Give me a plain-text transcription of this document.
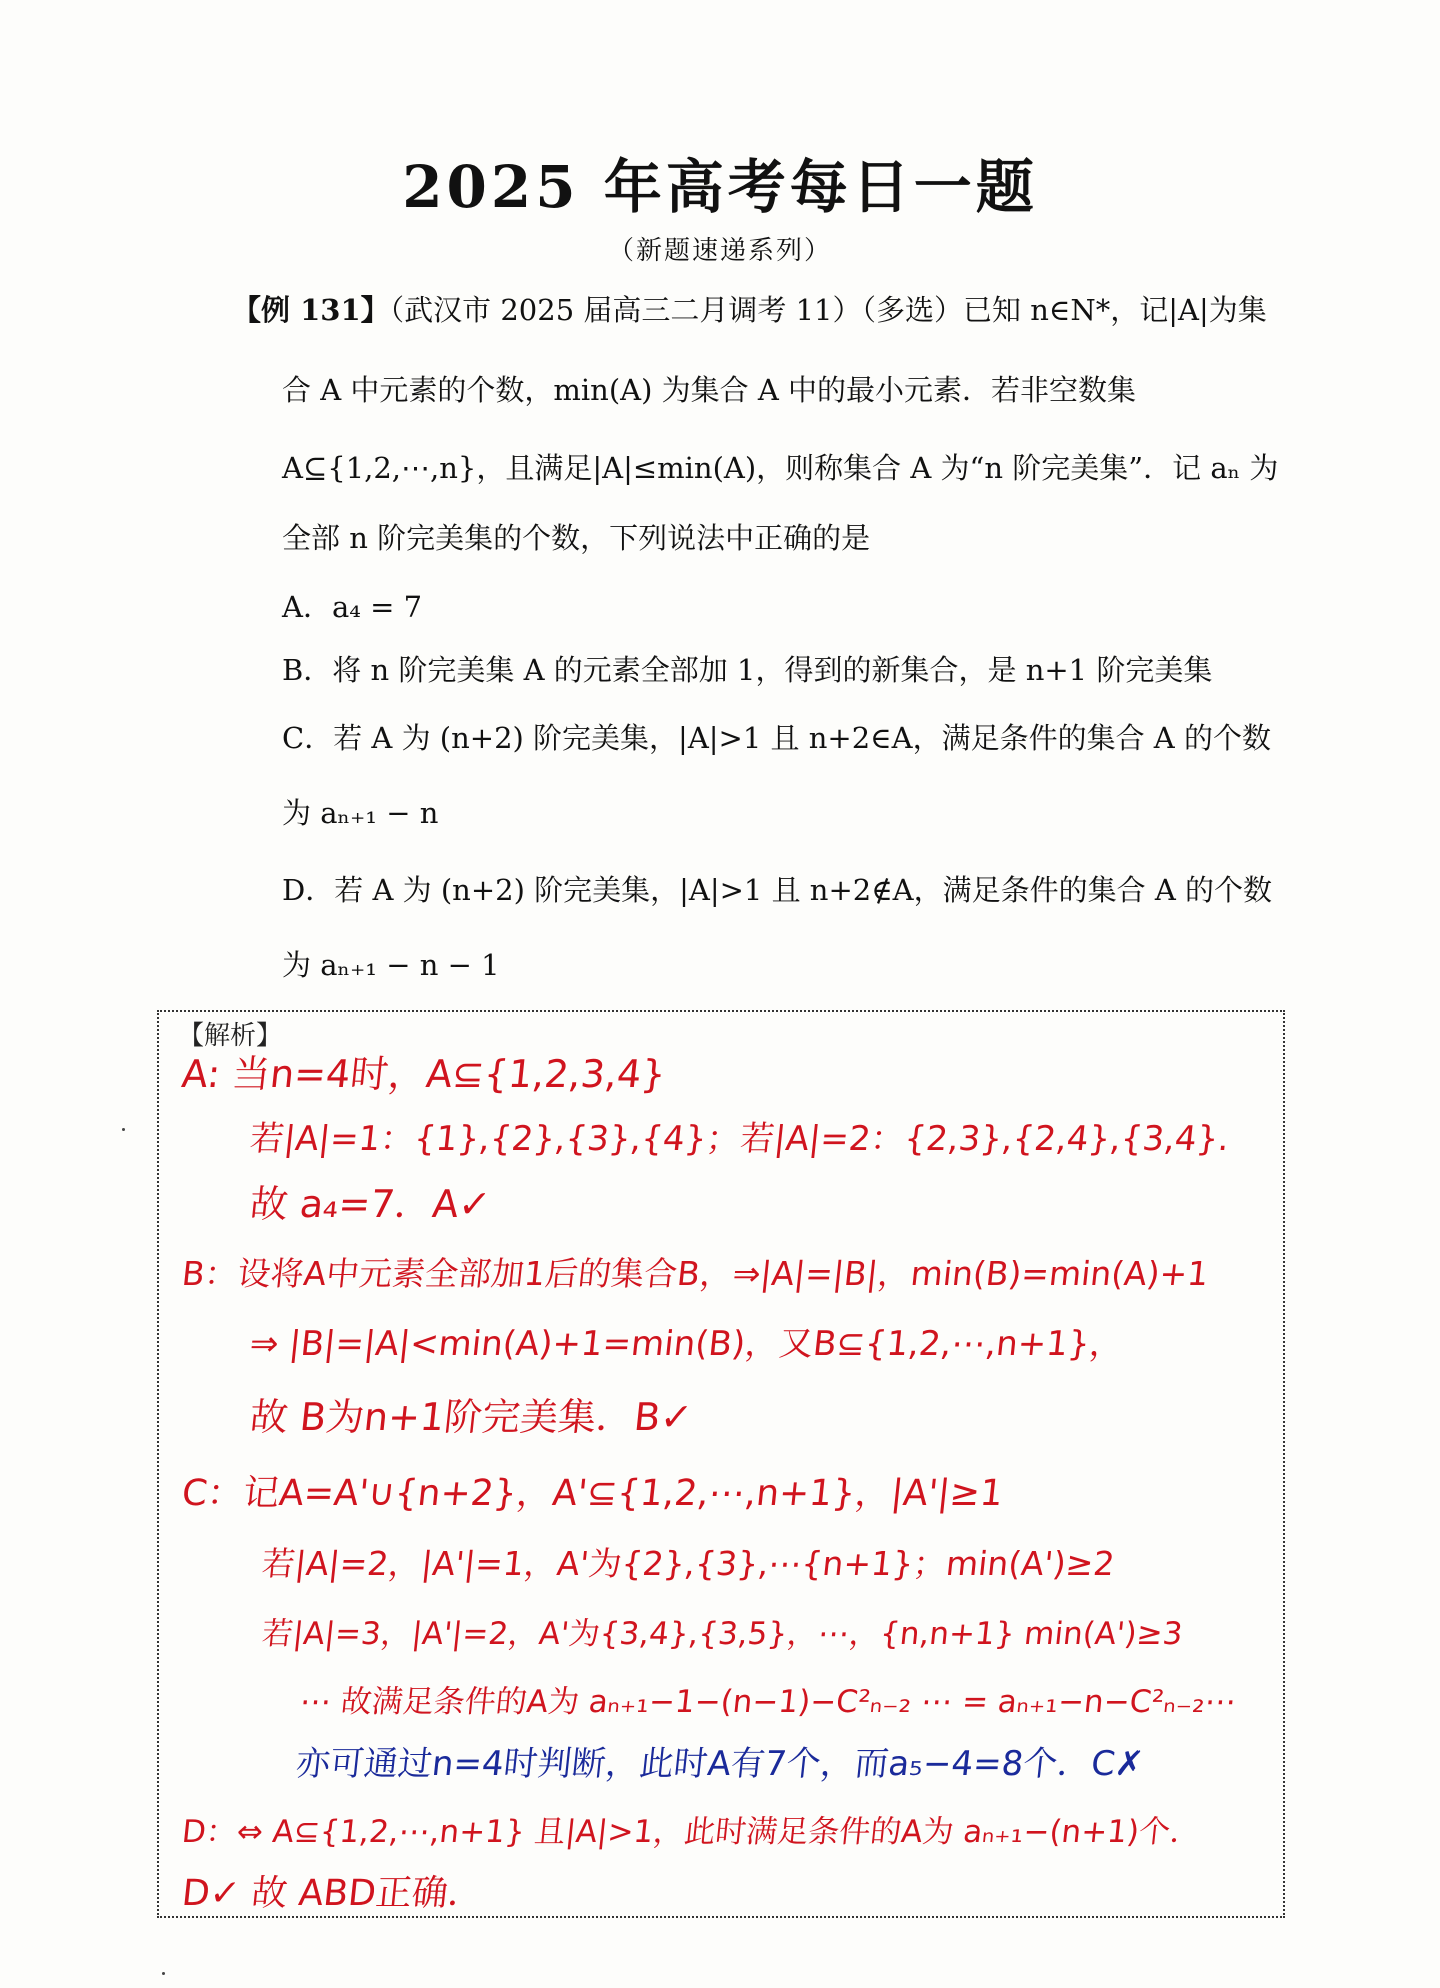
2025 年高考每日一题
（新题速递系列）
【例 131】（武汉市 2025 届高三二月调考 11）（多选）已知 n∈N*，记|A|为集
合 A 中元素的个数，min(A) 为集合 A 中的最小元素．若非空数集
A⊆{1,2,⋯,n}，且满足|A|≤min(A)，则称集合 A 为“n 阶完美集”．记 aₙ 为
全部 n 阶完美集的个数，下列说法中正确的是
A．a₄ = 7
B．将 n 阶完美集 A 的元素全部加 1，得到的新集合，是 n+1 阶完美集
C．若 A 为 (n+2) 阶完美集，|A|>1 且 n+2∈A，满足条件的集合 A 的个数
为 aₙ₊₁ − n
D．若 A 为 (n+2) 阶完美集，|A|>1 且 n+2∉A，满足条件的集合 A 的个数
为 aₙ₊₁ − n − 1
【解析】
A: 当n=4时，A⊆{1,2,3,4}
若|A|=1：{1},{2},{3},{4}；若|A|=2：{2,3},{2,4},{3,4}.
故 a₄=7．A✓
B：设将A中元素全部加1后的集合B，⇒|A|=|B|，min(B)=min(A)+1
⇒ |B|=|A|<min(A)+1=min(B)，又B⊆{1,2,⋯,n+1}，
故 B为n+1阶完美集．B✓
C：记A=A'∪{n+2}，A'⊆{1,2,⋯,n+1}，|A'|≥1
若|A|=2，|A'|=1，A'为{2},{3},⋯{n+1}；min(A')≥2
若|A|=3，|A'|=2，A'为{3,4},{3,5}，⋯，{n,n+1} min(A')≥3
⋯ 故满足条件的A为 aₙ₊₁−1−(n−1)−C²ₙ₋₂ ⋯ = aₙ₊₁−n−C²ₙ₋₂⋯
亦可通过n=4时判断，此时A有7个，而a₅−4=8个．C✗
D：⇔ A⊆{1,2,⋯,n+1} 且|A|>1，此时满足条件的A为 aₙ₊₁−(n+1)个．
D✓ 故 ABD正确．
